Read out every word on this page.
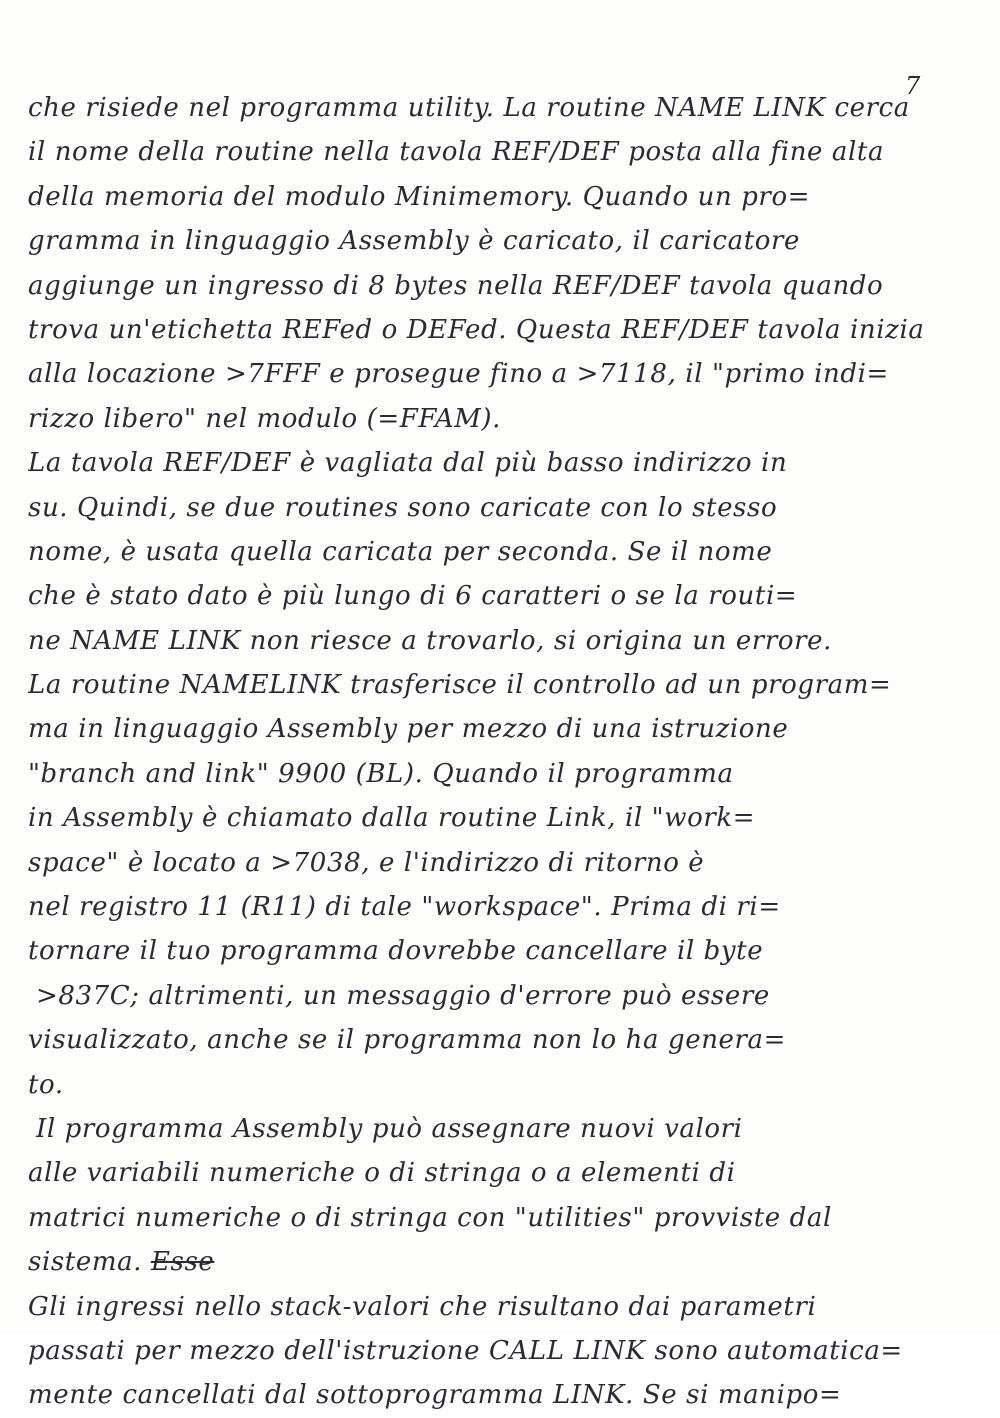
7
che risiede nel programma utility. La routine NAME LINK cerca
il nome della routine nella tavola REF/DEF posta alla fine alta
della memoria del modulo Minimemory. Quando un pro=
gramma in linguaggio Assembly è caricato, il caricatore
aggiunge un ingresso di 8 bytes nella REF/DEF tavola quando
trova un'etichetta REFed o DEFed. Questa REF/DEF tavola inizia
alla locazione >7FFF e prosegue fino a >7118, il "primo indi=
rizzo libero" nel modulo (=FFAM).
La tavola REF/DEF è vagliata dal più basso indirizzo in
su. Quindi, se due routines sono caricate con lo stesso
nome, è usata quella caricata per seconda. Se il nome
che è stato dato è più lungo di 6 caratteri o se la routi=
ne NAME LINK non riesce a trovarlo, si origina un errore.
La routine NAMELINK trasferisce il controllo ad un program=
ma in linguaggio Assembly per mezzo di una istruzione
"branch and link" 9900 (BL). Quando il programma
in Assembly è chiamato dalla routine Link, il "work=
space" è locato a >7038, e l'indirizzo di ritorno è
nel registro 11 (R11) di tale "workspace". Prima di ri=
tornare il tuo programma dovrebbe cancellare il byte
>837C; altrimenti, un messaggio d'errore può essere
visualizzato, anche se il programma non lo ha genera=
to.
Il programma Assembly può assegnare nuovi valori
alle variabili numeriche o di stringa o a elementi di
matrici numeriche o di stringa con "utilities" provviste dal
sistema. Esse
Gli ingressi nello stack-valori che risultano dai parametri
passati per mezzo dell'istruzione CALL LINK sono automatica=
mente cancellati dal sottoprogramma LINK. Se si manipo=
